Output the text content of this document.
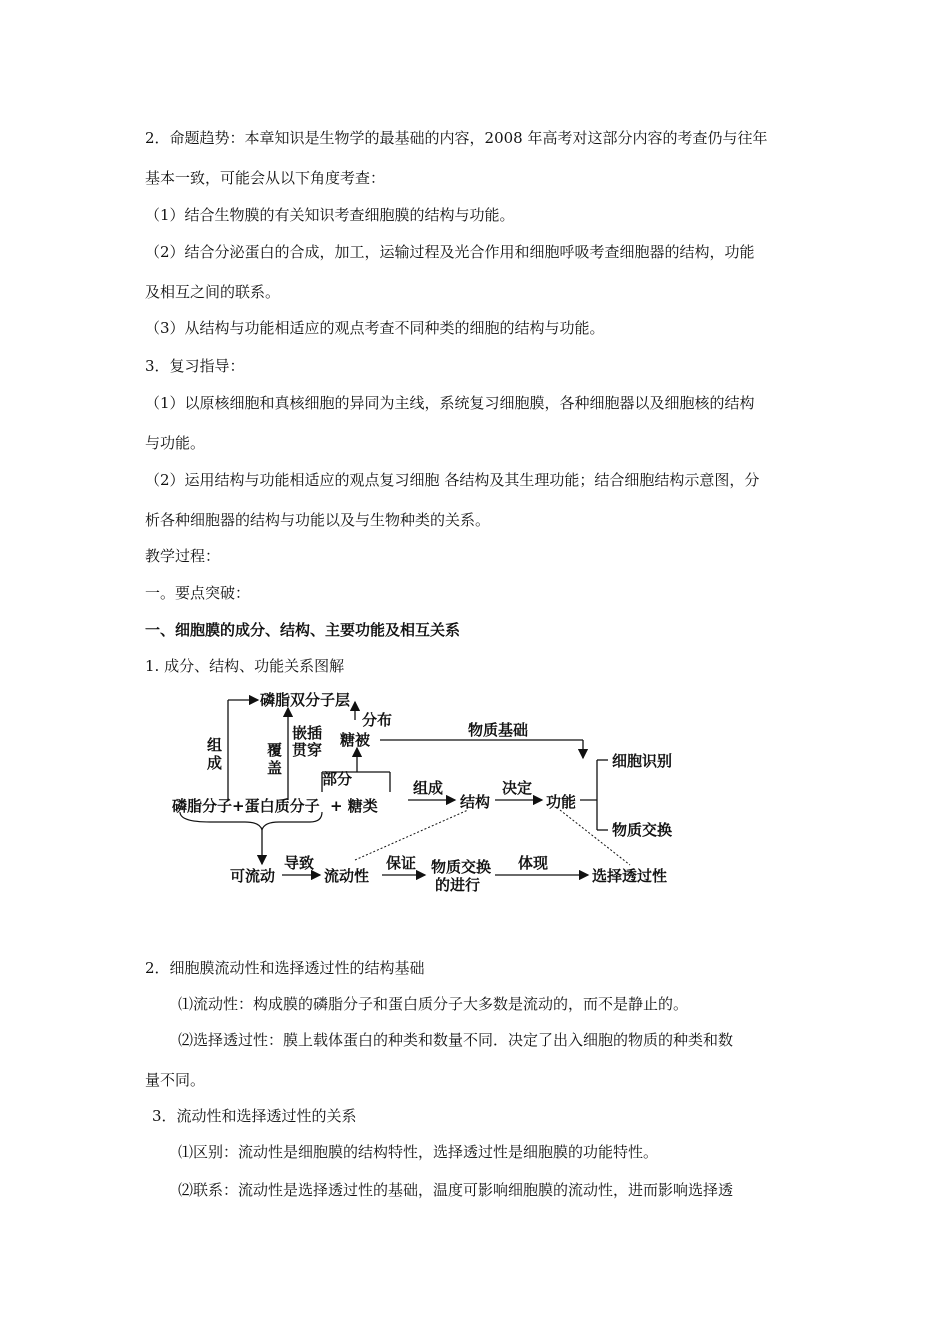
2．命题趋势：本章知识是生物学的最基础的内容，2008 年高考对这部分内容的考查仍与往年
基本一致，可能会从以下角度考查：
（1）结合生物膜的有关知识考查细胞膜的结构与功能。
（2）结合分泌蛋白的合成，加工，运输过程及光合作用和细胞呼吸考查细胞器的结构，功能
及相互之间的联系。
（3）从结构与功能相适应的观点考查不同种类的细胞的结构与功能。
3．复习指导：
（1）以原核细胞和真核细胞的异同为主线，系统复习细胞膜，各种细胞器以及细胞核的结构
与功能。
（2）运用结构与功能相适应的观点复习细胞 各结构及其生理功能；结合细胞结构示意图，分
析各种细胞器的结构与功能以及与生物种类的关系。
教学过程：
一。要点突破：
一、细胞膜的成分、结构、主要功能及相互关系
1. 成分、结构、功能关系图解
磷脂双分子层
分布
嵌插
贯穿
覆
盖
组
成
糖被
部分
物质基础
细胞识别
物质交换
磷脂分子+蛋白质分子 + 糖类
组成
结构
决定
功能
可流动
导致
流动性
保证 物质交换
的进行
体现
选择透过性
2．细胞膜流动性和选择透过性的结构基础
⑴流动性：构成膜的磷脂分子和蛋白质分子大多数是流动的，而不是静止的。
⑵选择透过性：膜上载体蛋白的种类和数量不同．决定了出入细胞的物质的种类和数
量不同。
3．流动性和选择透过性的关系
⑴区别：流动性是细胞膜的结构特性，选择透过性是细胞膜的功能特性。
⑵联系：流动性是选择透过性的基础，温度可影响细胞膜的流动性，进而影响选择透
